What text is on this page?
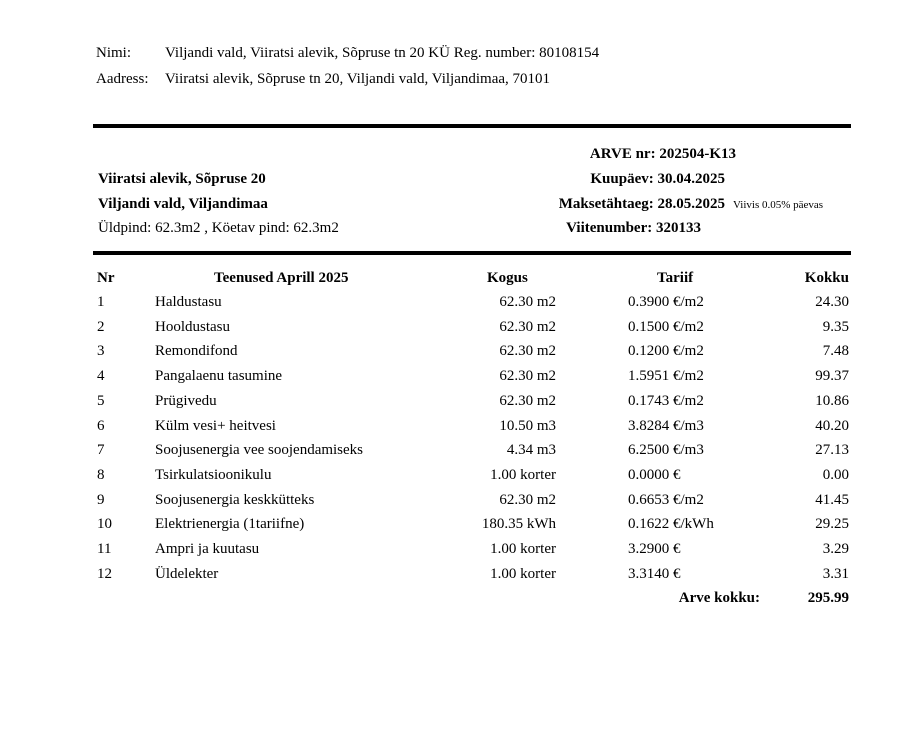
Nimi: Viljandi vald, Viiratsi alevik, Sõpruse tn 20 KÜ Reg. number: 80108154
Aadress: Viiratsi alevik, Sõpruse tn 20, Viljandi vald, Viljandimaa, 70101
ARVE nr: 202504-K13
Kuupäev: 30.04.2025
Maksetähtaeg: 28.05.2025 Viivis 0.05% päevas
Viitenumber: 320133
Viiratsi alevik, Sõpruse 20
Viljandi vald, Viljandimaa
Üldpind: 62.3m2 , Köetav pind: 62.3m2
Nr	Teenused Aprill 2025	Kogus	Tariif	Kokku
1	Haldustasu	62.30 m2	0.3900 €/m2	24.30
2	Hooldustasu	62.30 m2	0.1500 €/m2	9.35
3	Remondifond	62.30 m2	0.1200 €/m2	7.48
4	Pangalaenu tasumine	62.30 m2	1.5951 €/m2	99.37
5	Prügivedu	62.30 m2	0.1743 €/m2	10.86
6	Külm vesi+ heitvesi	10.50 m3	3.8284 €/m3	40.20
7	Soojusenergia vee soojendamiseks	4.34 m3	6.2500 €/m3	27.13
8	Tsirkulatsioonikulu	1.00 korter	0.0000 €	0.00
9	Soojusenergia keskkütteks	62.30 m2	0.6653 €/m2	41.45
10	Elektrienergia (1tariifne)	180.35 kWh	0.1622 €/kWh	29.25
11	Ampri ja kuutasu	1.00 korter	3.2900 €	3.29
12	Üldelekter	1.00 korter	3.3140 €	3.31
Arve kokku:	295.99
